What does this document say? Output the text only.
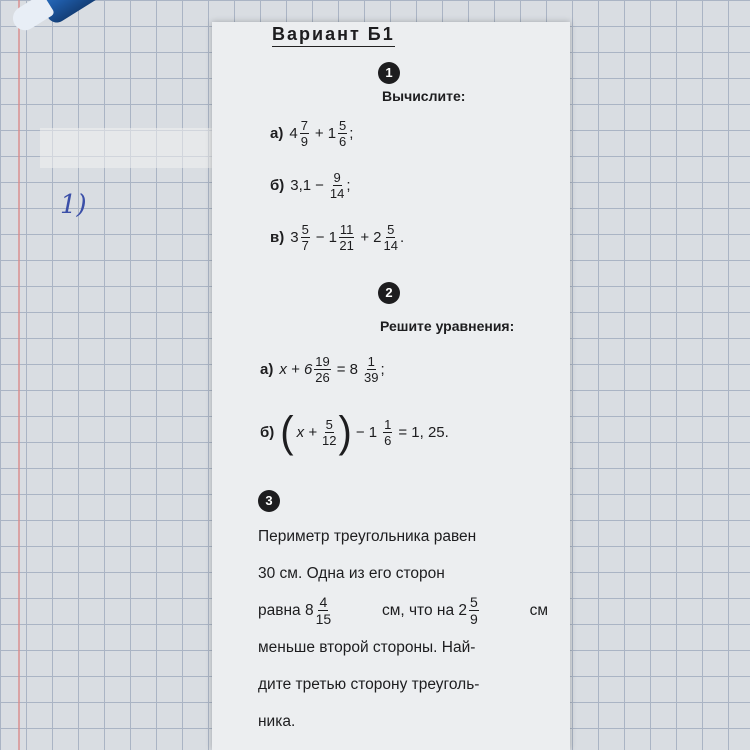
1)
Вариант Б1
1
Вычислите:
а) $4 \frac{7}{9} + 1 \frac{5}{6}$ ;
б) $3,1 - \frac{9}{14}$ ;
в) $3 \frac{5}{7} - 1 \frac{11}{21} + 2 \frac{5}{14}$ .
2
Решите уравнения:
а) $x + 6 \frac{19}{26} = 8 \frac{1}{39}$ ;
б) ( $x + \frac{5}{12}$ ) − $1 \frac{1}{6} = 1$, 25.
3
Периметр треугольника равен
30 см. Одна из его сторон
равна $8 \frac{4}{15}$	см, что на $2 \frac{5}{9}$	см
меньше второй стороны. Най-
дите третью сторону треуголь-
ника.
